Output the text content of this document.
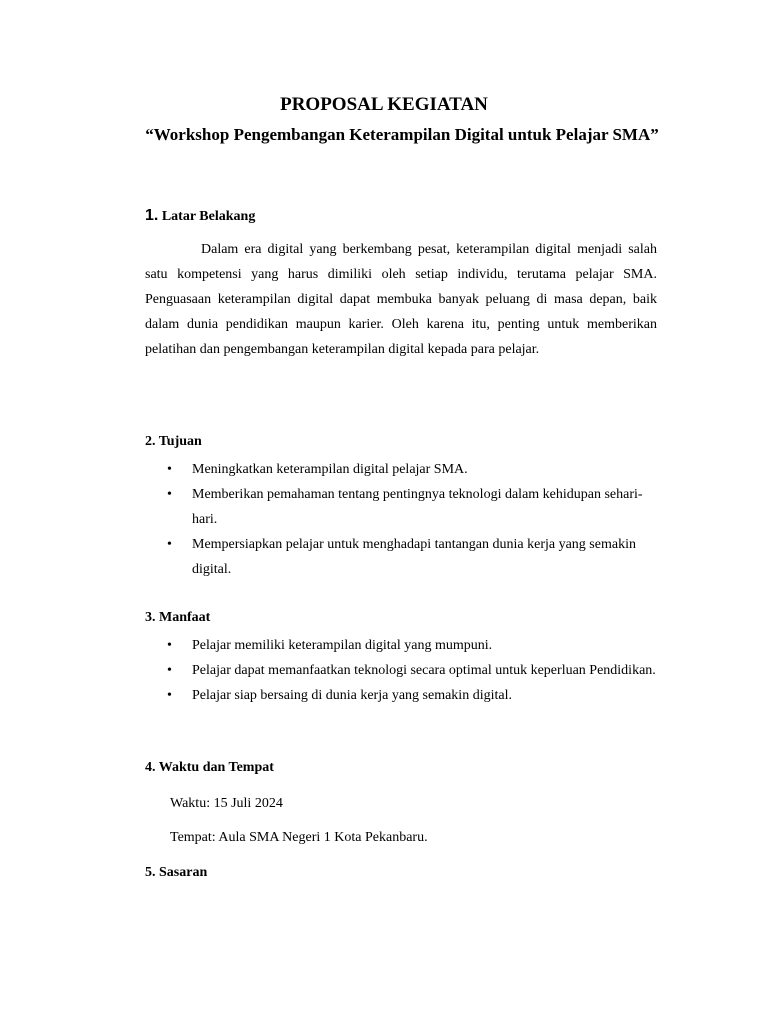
PROPOSAL KEGIATAN
“Workshop Pengembangan Keterampilan Digital untuk Pelajar SMA”
1. Latar Belakang

Dalam era digital yang berkembang pesat, keterampilan digital menjadi salah satu kompetensi yang harus dimiliki oleh setiap individu, terutama pelajar SMA. Penguasaan keterampilan digital dapat membuka banyak peluang di masa depan, baik dalam dunia pendidikan maupun karier. Oleh karena itu, penting untuk memberikan pelatihan dan pengembangan keterampilan digital kepada para pelajar.

2. Tujuan
• Meningkatkan keterampilan digital pelajar SMA.
• Memberikan pemahaman tentang pentingnya teknologi dalam kehidupan sehari-hari.
• Mempersiapkan pelajar untuk menghadapi tantangan dunia kerja yang semakin digital.
3. Manfaat
• Pelajar memiliki keterampilan digital yang mumpuni.
• Pelajar dapat memanfaatkan teknologi secara optimal untuk keperluan Pendidikan.
• Pelajar siap bersaing di dunia kerja yang semakin digital.
4. Waktu dan Tempat
Waktu: 15 Juli 2024
Tempat: Aula SMA Negeri 1 Kota Pekanbaru.
5. Sasaran
